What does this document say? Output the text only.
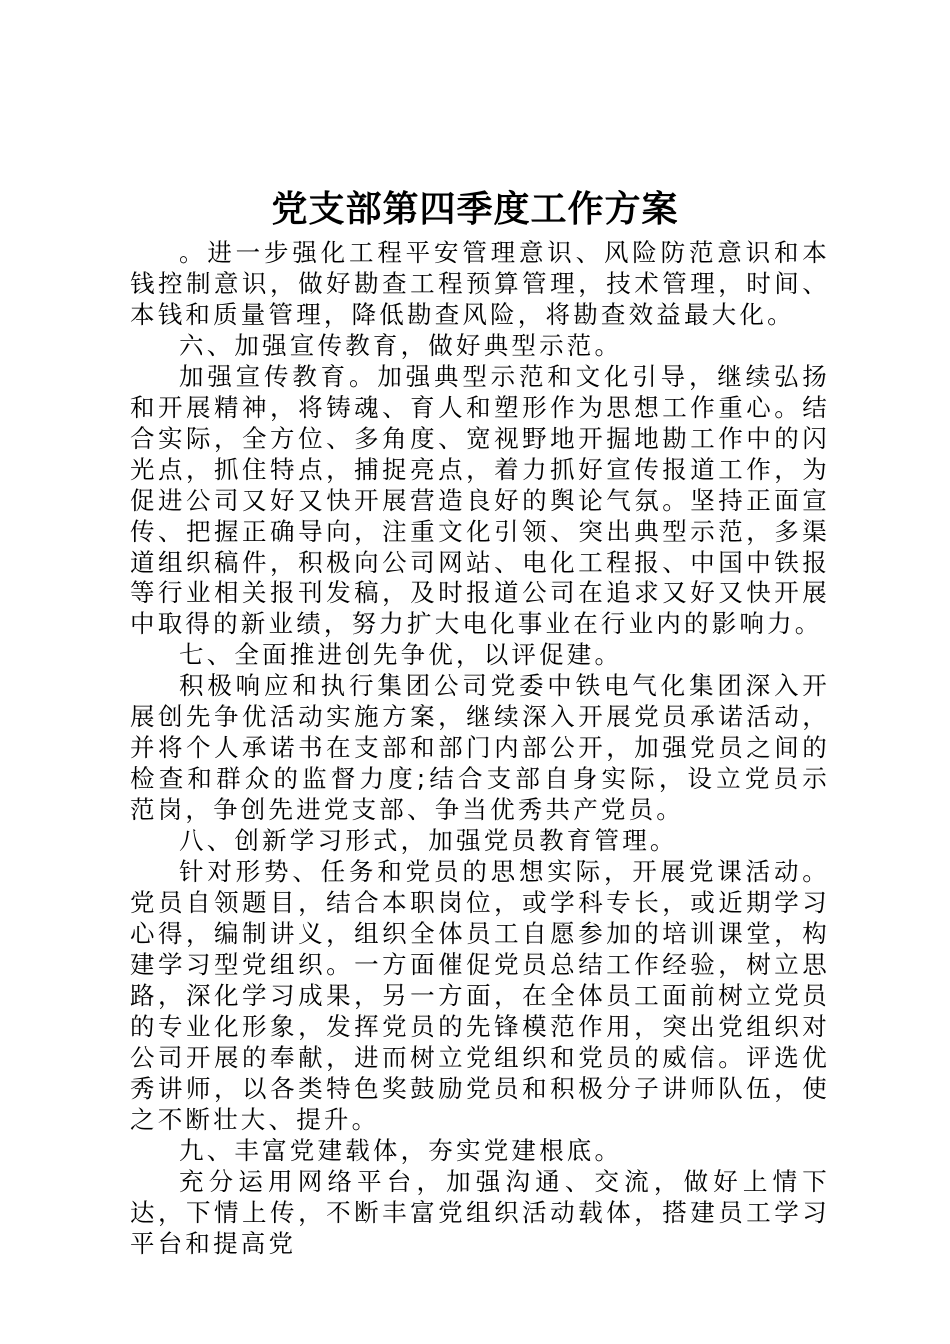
党支部第四季度工作方案

。进一步强化工程平安管理意识、风险防范意识和本钱控制意识，做好勘查工程预算管理，技术管理，时间、本钱和质量管理，降低勘查风险，将勘查效益最大化。

六、加强宣传教育，做好典型示范。

加强宣传教育。加强典型示范和文化引导，继续弘扬和开展精神，将铸魂、育人和塑形作为思想工作重心。结合实际，全方位、多角度、宽视野地开掘地勘工作中的闪光点，抓住特点，捕捉亮点，着力抓好宣传报道工作，为促进公司又好又快开展营造良好的舆论气氛。坚持正面宣传、把握正确导向，注重文化引领、突出典型示范，多渠道组织稿件，积极向公司网站、电化工程报、中国中铁报等行业相关报刊发稿，及时报道公司在追求又好又快开展中取得的新业绩，努力扩大电化事业在行业内的影响力。

七、全面推进创先争优，以评促建。

积极响应和执行集团公司党委中铁电气化集团深入开展创先争优活动实施方案，继续深入开展党员承诺活动，并将个人承诺书在支部和部门内部公开，加强党员之间的检查和群众的监督力度;结合支部自身实际，设立党员示范岗，争创先进党支部、争当优秀共产党员。

八、创新学习形式，加强党员教育管理。

针对形势、任务和党员的思想实际，开展党课活动。党员自领题目，结合本职岗位，或学科专长，或近期学习心得，编制讲义，组织全体员工自愿参加的培训课堂，构建学习型党组织。一方面催促党员总结工作经验，树立思路，深化学习成果，另一方面，在全体员工面前树立党员的专业化形象，发挥党员的先锋模范作用，突出党组织对公司开展的奉献，进而树立党组织和党员的威信。评选优秀讲师，以各类特色奖鼓励党员和积极分子讲师队伍，使之不断壮大、提升。

九、丰富党建载体，夯实党建根底。

充分运用网络平台，加强沟通、交流，做好上情下达，下情上传，不断丰富党组织活动载体，搭建员工学习平台和提高党
